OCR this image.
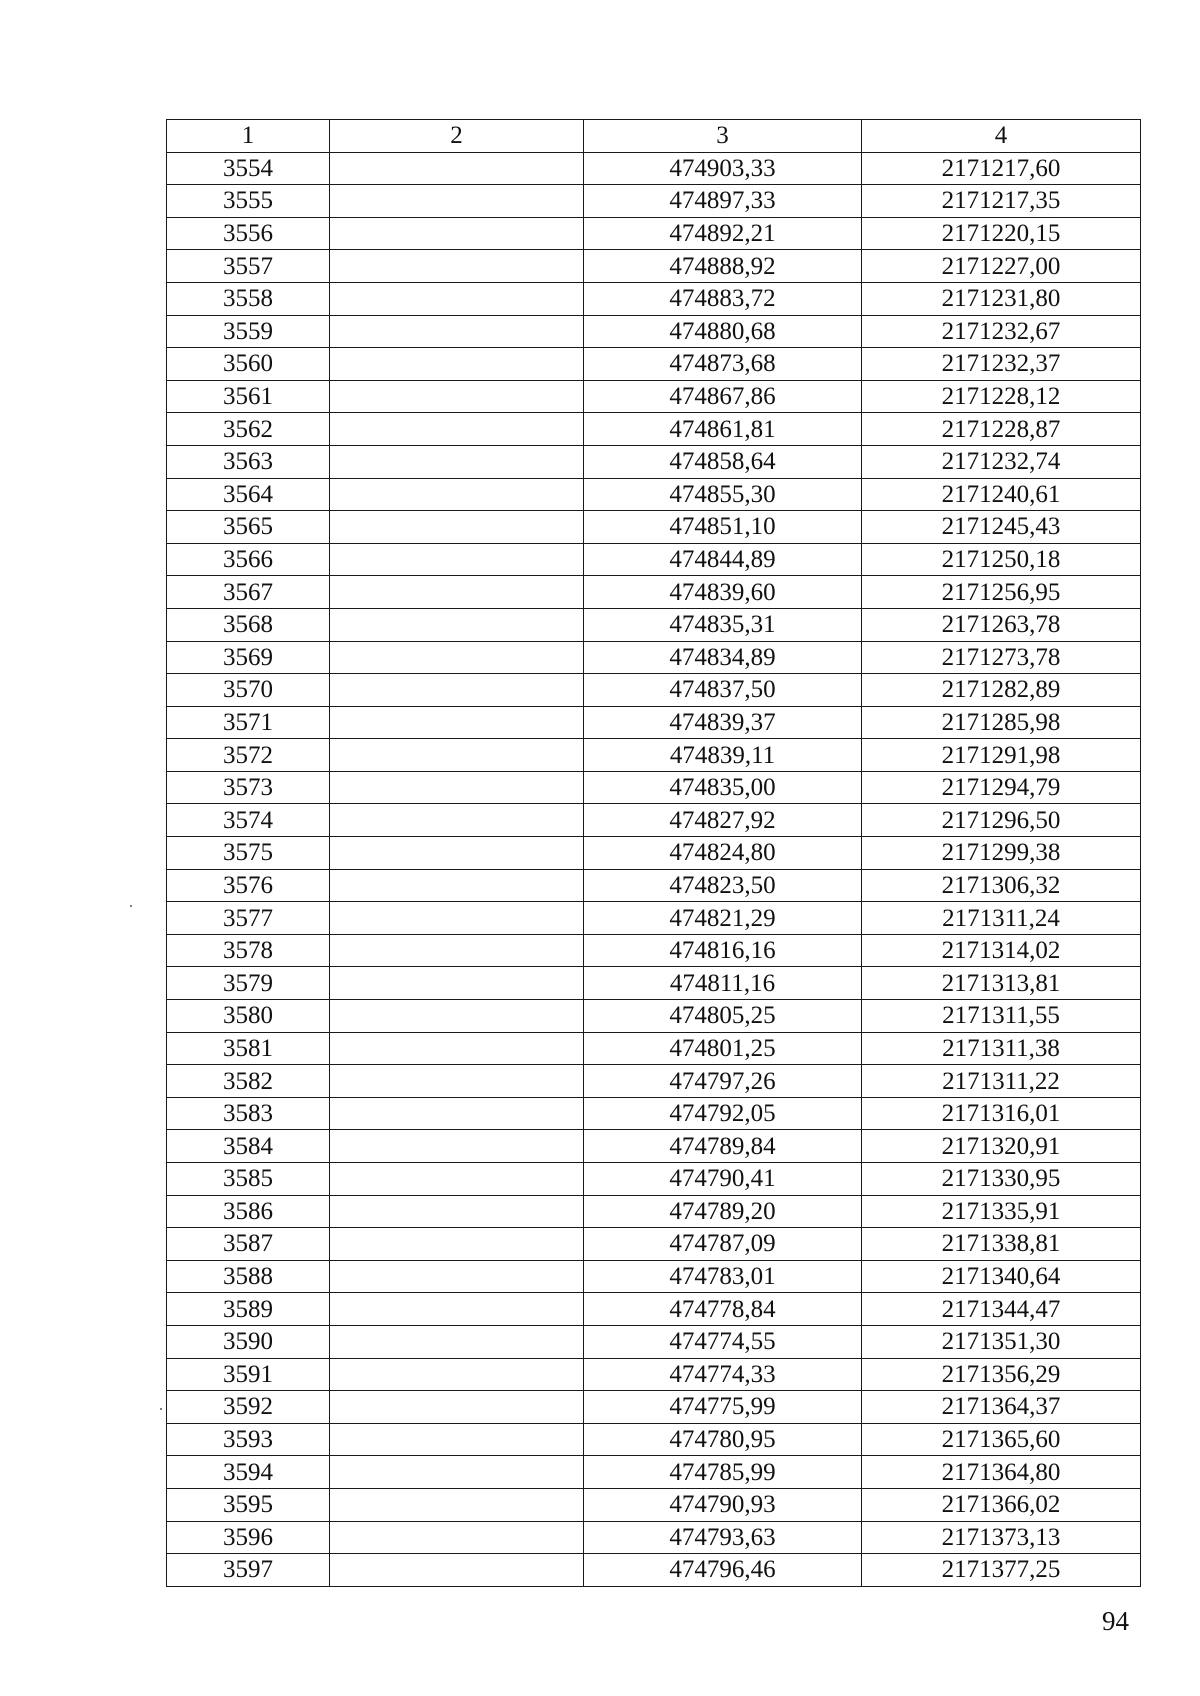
1	2	3	4
3554		474903,33	2171217,60
3555		474897,33	2171217,35
3556		474892,21	2171220,15
3557		474888,92	2171227,00
3558		474883,72	2171231,80
3559		474880,68	2171232,67
3560		474873,68	2171232,37
3561		474867,86	2171228,12
3562		474861,81	2171228,87
3563		474858,64	2171232,74
3564		474855,30	2171240,61
3565		474851,10	2171245,43
3566		474844,89	2171250,18
3567		474839,60	2171256,95
3568		474835,31	2171263,78
3569		474834,89	2171273,78
3570		474837,50	2171282,89
3571		474839,37	2171285,98
3572		474839,11	2171291,98
3573		474835,00	2171294,79
3574		474827,92	2171296,50
3575		474824,80	2171299,38
3576		474823,50	2171306,32
3577		474821,29	2171311,24
3578		474816,16	2171314,02
3579		474811,16	2171313,81
3580		474805,25	2171311,55
3581		474801,25	2171311,38
3582		474797,26	2171311,22
3583		474792,05	2171316,01
3584		474789,84	2171320,91
3585		474790,41	2171330,95
3586		474789,20	2171335,91
3587		474787,09	2171338,81
3588		474783,01	2171340,64
3589		474778,84	2171344,47
3590		474774,55	2171351,30
3591		474774,33	2171356,29
3592		474775,99	2171364,37
3593		474780,95	2171365,60
3594		474785,99	2171364,80
3595		474790,93	2171366,02
3596		474793,63	2171373,13
3597		474796,46	2171377,25
94
